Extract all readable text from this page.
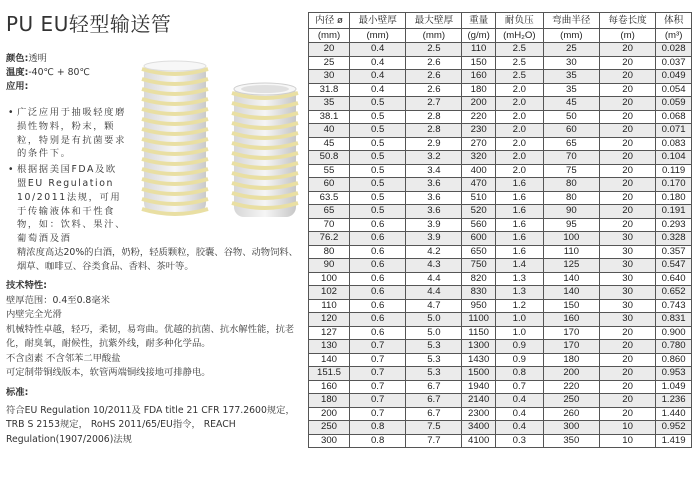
PU EU轻型输送管

颜色:透明

温度:-40℃ + 80℃

应用:

• 广泛应用于抽吸轻度磨损性物料，粉末，颗粒，特别是有抗菌要求的条件下。
• 根据据美国FDA及欧盟EU Regulation 10/2011法规，可用于传输液体和干性食物，如：饮料、果汁、葡萄酒及酒
精浓度高达20%的白酒，奶粉，轻质颗粒，胶囊、谷物、动物饲料、烟草、咖啡豆、谷类食品、香料、茶叶等。
技术特性:
壁厚范围：0.4至0.8毫米
内壁完全光滑
机械特性卓越，轻巧，柔韧，易弯曲。优越的抗菌、抗水解性能，抗老化，耐臭氧，耐候性，抗紫外线，耐多种化学品。
不含卤素 不含邻苯二甲酸盐
可定制带铜线版本，软管两端铜线接地可排静电。
标准:
符合EU Regulation 10/2011及 FDA title 21 CFR 177.2600规定，TRB S 2153规定， RoHS 2011/65/EU指令， REACH Regulation(1907/2006)法规
内径 ø	最小壁厚	最大壁厚	重量	耐负压	弯曲半径	每卷长度	体积
(mm)	(mm)	(mm)	(g/m)	(mH₂O)	(mm)	(m)	(m³)
20	0.4	2.5	110	2.5	25	20	0.028
25	0.4	2.6	150	2.5	30	20	0.037
30	0.4	2.6	160	2.5	35	20	0.049
31.8	0.4	2.6	180	2.0	35	20	0.054
35	0.5	2.7	200	2.0	45	20	0.059
38.1	0.5	2.8	220	2.0	50	20	0.068
40	0.5	2.8	230	2.0	60	20	0.071
45	0.5	2.9	270	2.0	65	20	0.083
50.8	0.5	3.2	320	2.0	70	20	0.104
55	0.5	3.4	400	2.0	75	20	0.119
60	0.5	3.6	470	1.6	80	20	0.170
63.5	0.5	3.6	510	1.6	80	20	0.180
65	0.5	3.6	520	1.6	90	20	0.191
70	0.6	3.9	560	1.6	95	20	0.293
76.2	0.6	3.9	600	1.6	100	30	0.328
80	0.6	4.2	650	1.6	110	30	0.357
90	0.6	4.3	750	1.4	125	30	0.547
100	0.6	4.4	820	1.3	140	30	0.640
102	0.6	4.4	830	1.3	140	30	0.652
110	0.6	4.7	950	1.2	150	30	0.743
120	0.6	5.0	1100	1.0	160	30	0.831
127	0.6	5.0	1150	1.0	170	20	0.900
130	0.7	5.3	1300	0.9	170	20	0.780
140	0.7	5.3	1430	0.9	180	20	0.860
151.5	0.7	5.3	1500	0.8	200	20	0.953
160	0.7	6.7	1940	0.7	220	20	1.049
180	0.7	6.7	2140	0.4	250	20	1.236
200	0.7	6.7	2300	0.4	260	20	1.440
250	0.8	7.5	3400	0.4	300	10	0.952
300	0.8	7.7	4100	0.3	350	10	1.419
